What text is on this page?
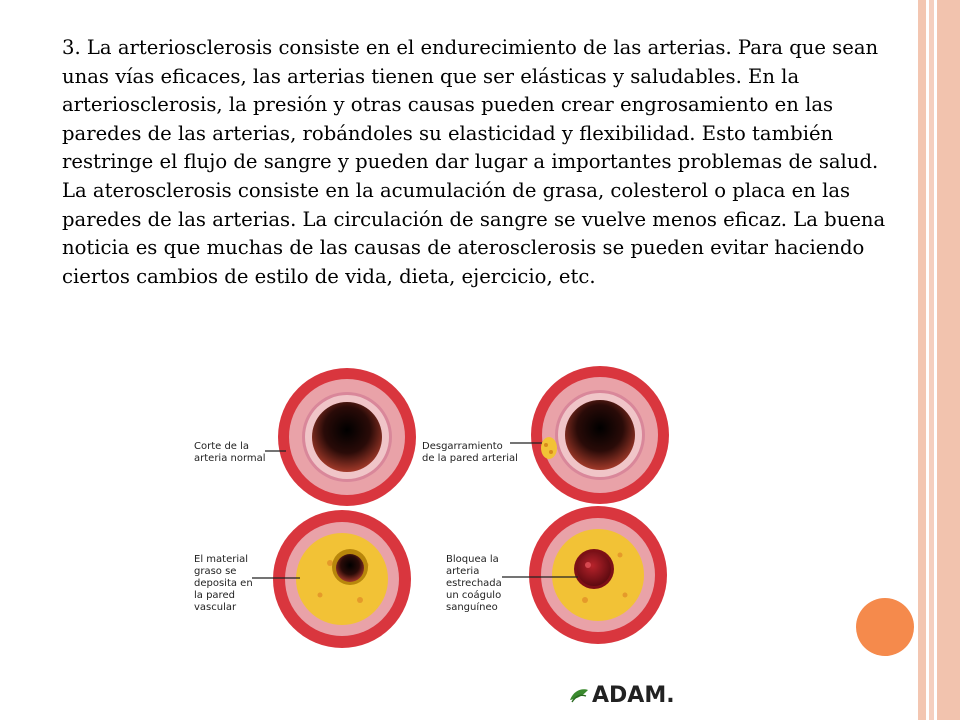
3. La arteriosclerosis consiste en el endurecimiento de las arterias. Para que sean unas vías eficaces, las arterias tienen que ser elásticas y saludables. En la arteriosclerosis, la presión y otras causas pueden crear engrosamiento en las paredes de las arterias, robándoles su elasticidad y flexibilidad. Esto también restringe el flujo de sangre y pueden dar lugar a importantes problemas de salud.

La aterosclerosis consiste en la acumulación de grasa, colesterol o placa en las paredes de las arterias. La circulación de sangre se vuelve menos eficaz. La buena noticia es que muchas de las causas de aterosclerosis se pueden evitar haciendo ciertos cambios de estilo de vida, dieta, ejercicio, etc.

Corte de la
arteria normal
Desgarramiento
de la pared arterial
El material
graso se
deposita en
la pared
vascular
Bloquea la
arteria
estrechada
un coágulo
sanguíneo
ADAM.
